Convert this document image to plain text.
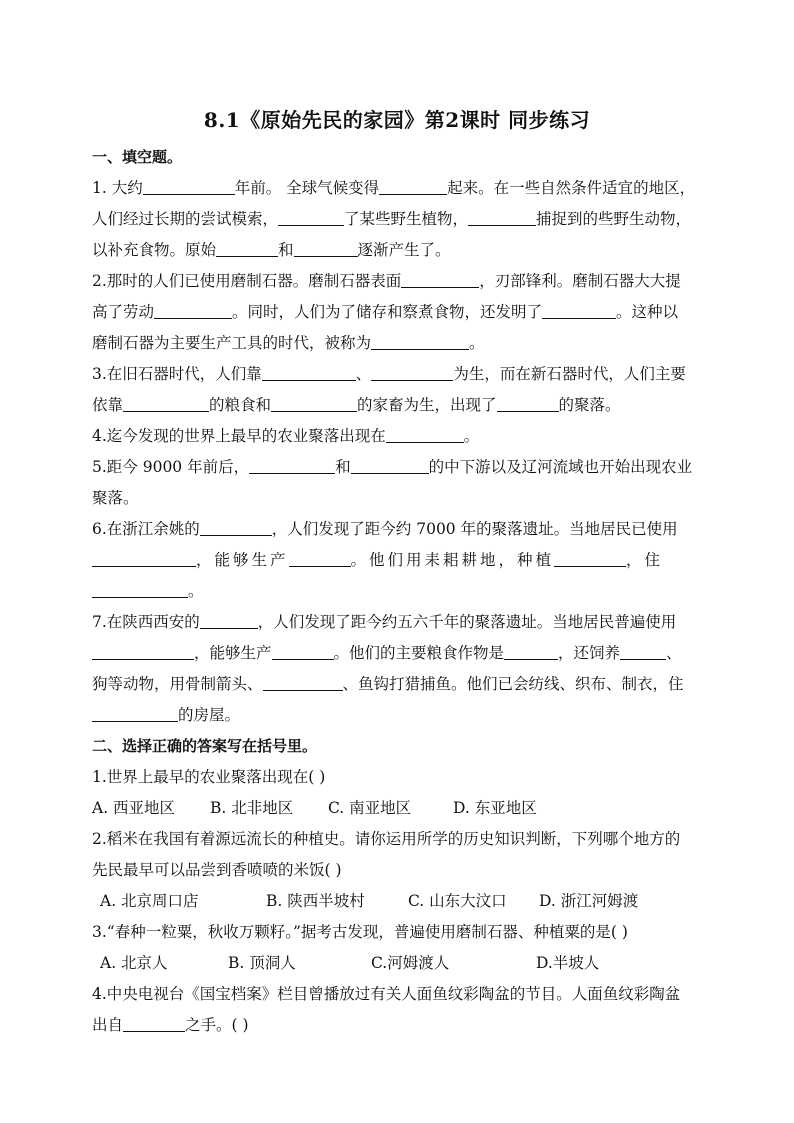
8.1《原始先民的家园》第2课时 同步练习

一、填空题。

1. 大约	年前。 全球气候变得	起来。在一些自然条件适宜的地区，

人们经过长期的尝试模索，	了某些野生植物，	捕捉到的些野生动物，

以补充食物。原始	和	逐渐产生了。

2.那时的人们已使用磨制石器。磨制石器表面	，刃部锋利。磨制石器大大提

高了劳动	。同时，人们为了储存和察煮食物，还发明了	。这种以

磨制石器为主要生产工具的时代，被称为	。

3.在旧石器时代，人们靠	、	为生，而在新石器时代，人们主要

依靠	的粮食和	的家畜为生，出现了	的聚落。

4.迄今发现的世界上最早的农业聚落出现在	。

5.距今 9000 年前后，	和	的中下游以及辽河流域也开始出现农业

聚落。

6.在浙江余姚的	，人们发现了距今约 7000 年的聚落遗址。当地居民已使用

，能够生产	。他们用耒耜耕地，种植	，住

。

7.在陕西西安的	，人们发现了距今约五六千年的聚落遗址。当地居民普遍使用

，能够生产	。他们的主要粮食作物是	，还饲养	、

狗等动物，用骨制箭头、	、鱼钩打猎捕鱼。他们已会纺线、织布、制衣，住

的房屋。

二、选择正确的答案写在括号里。

1.世界上最早的农业聚落出现在( )

A. 西亚地区	B. 北非地区	C. 南亚地区	D. 东亚地区

2.稻米在我国有着源远流长的种植史。请你运用所学的历史知识判断，下列哪个地方的

先民最早可以品尝到香喷喷的米饭( )

A. 北京周口店	B. 陕西半坡村	C. 山东大汶口	D. 浙江河姆渡

3.“春种一粒粟，秋收万颗籽。”据考古发现，普遍使用磨制石器、种植粟的是( )

A. 北京人	B. 顶洞人	C.河姆渡人	D.半坡人

4.中央电视台《国宝档案》栏目曾播放过有关人面鱼纹彩陶盆的节目。人面鱼纹彩陶盆

出自	之手。( )
